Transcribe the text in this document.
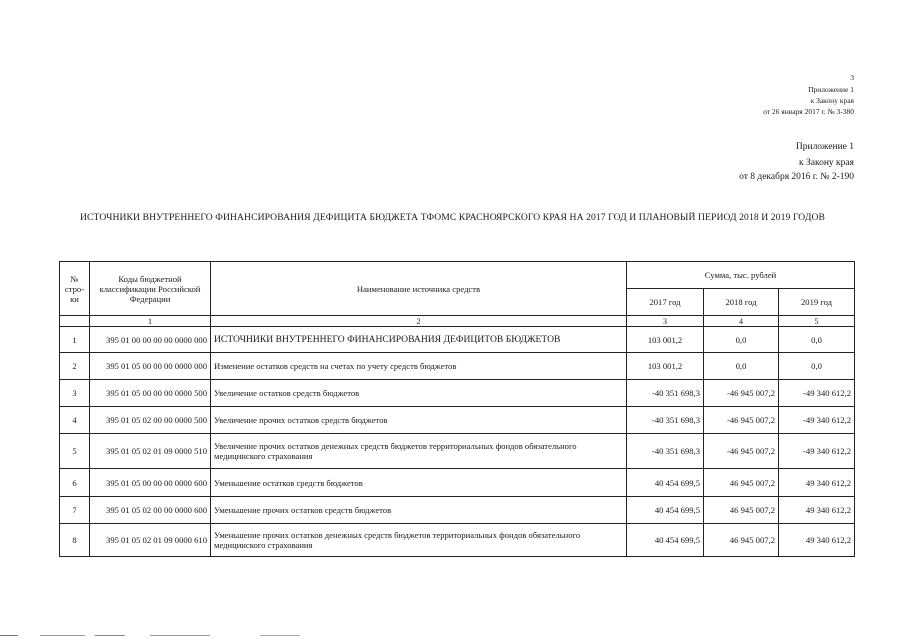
3
Приложение 1
к Закону края
от 26 января 2017 г. № 3-380
Приложение 1
к Закону края
от 8 декабря 2016 г. № 2-190
ИСТОЧНИКИ ВНУТРЕННЕГО ФИНАНСИРОВАНИЯ ДЕФИЦИТА БЮДЖЕТА ТФОМС КРАСНОЯРСКОГО КРАЯ НА 2017 ГОД И ПЛАНОВЫЙ ПЕРИОД 2018 И 2019 ГОДОВ
№ стро-ки	Коды бюджетной классификации Российской Федерации	Наименование источника средств	Сумма, тыс. рублей		
			2017 год	2018 год	2019 год
	1	2	3	4	5
1	395 01 00 00 00 00 0000 000	ИСТОЧНИКИ ВНУТРЕННЕГО ФИНАНСИРОВАНИЯ ДЕФИЦИТОВ БЮДЖЕТОВ	103 001,2	0,0	0,0
2	395 01 05 00 00 00 0000 000	Изменение остатков средств на счетах по учету средств бюджетов	103 001,2	0,0	0,0
3	395 01 05 00 00 00 0000 500	Увеличение остатков средств бюджетов	-40 351 698,3	-46 945 007,2	-49 340 612,2
4	395 01 05 02 00 00 0000 500	Увеличение прочих остатков средств бюджетов	-40 351 698,3	-46 945 007,2	-49 340 612,2
5	395 01 05 02 01 09 0000 510	Увеличение прочих остатков денежных средств бюджетов территориальных фондов обязательного медицинского страхования	-40 351 698,3	-46 945 007,2	-49 340 612,2
6	395 01 05 00 00 00 0000 600	Уменьшение остатков средств бюджетов	40 454 699,5	46 945 007,2	49 340 612,2
7	395 01 05 02 00 00 0000 600	Уменьшение прочих остатков средств бюджетов	40 454 699,5	46 945 007,2	49 340 612,2
8	395 01 05 02 01 09 0000 610	Уменьшение прочих остатков денежных средств бюджетов территориальных фондов обязательного медицинского страхования	40 454 699,5	46 945 007,2	49 340 612,2
